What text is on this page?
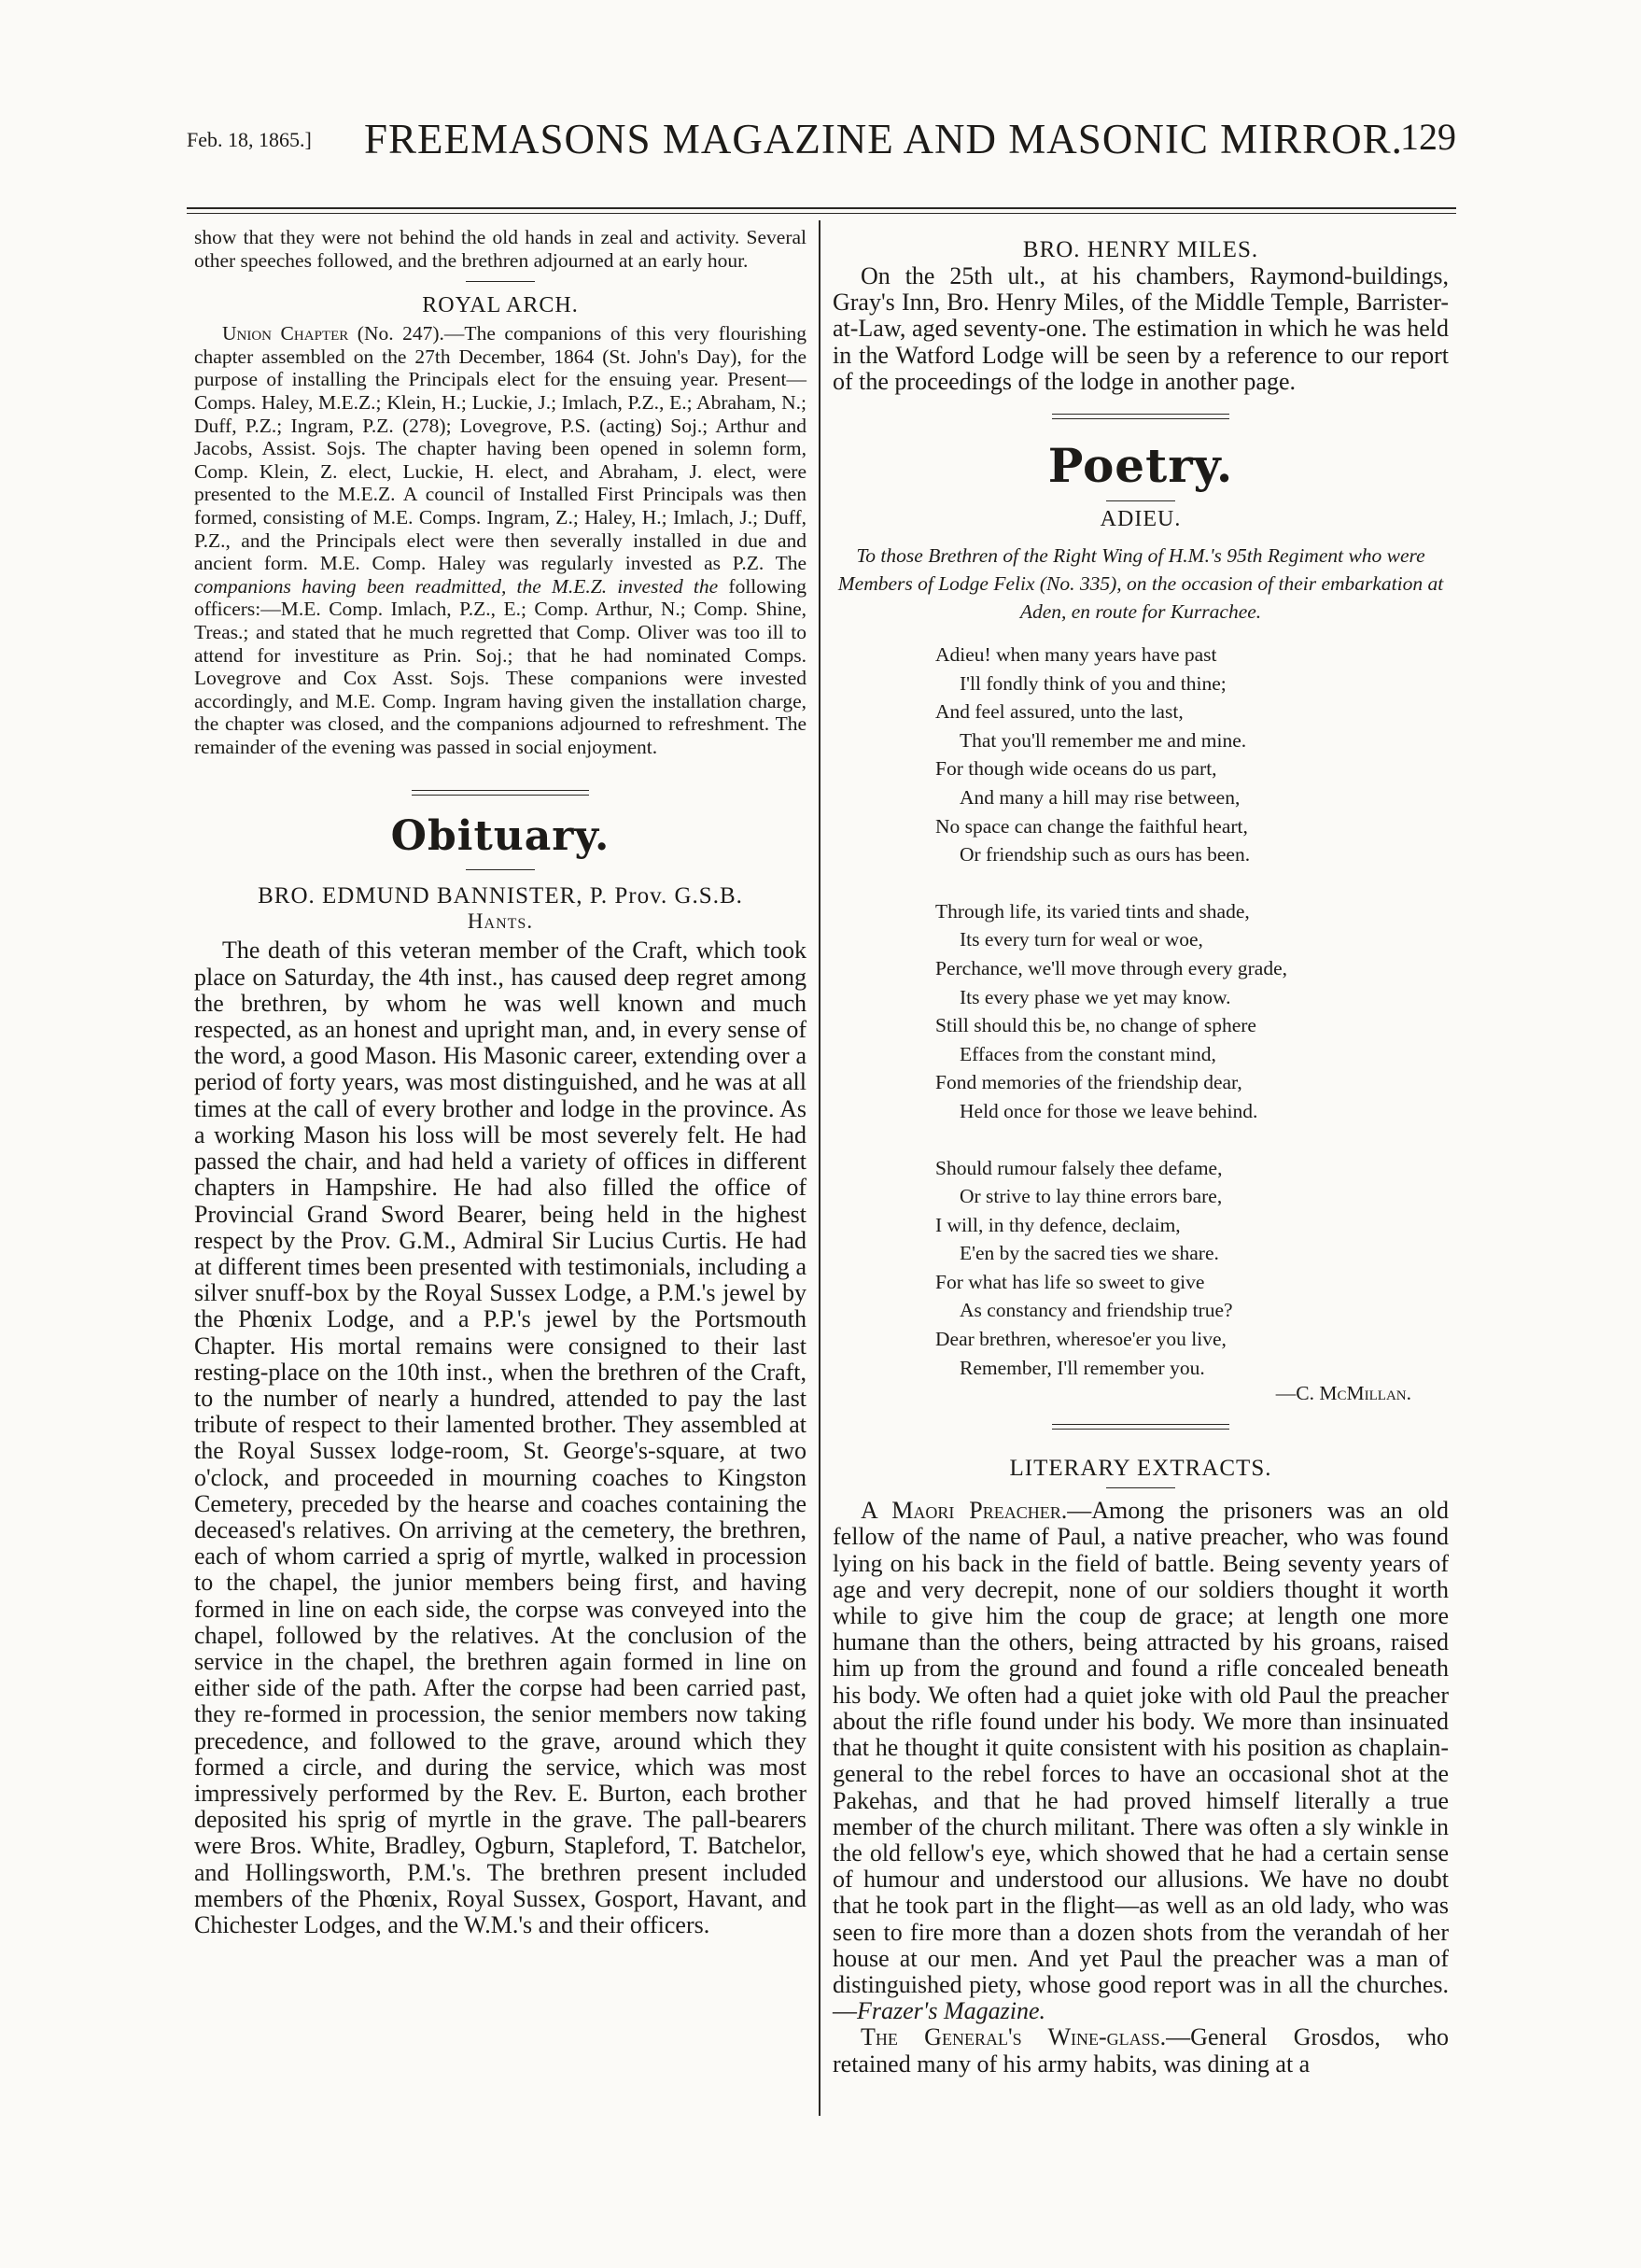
Feb. 18, 1865.] FREEMASONS MAGAZINE AND MASONIC MIRROR.
129

show that they were not behind the old hands in zeal and activity. Several other speeches followed, and the brethren adjourned at an early hour.

ROYAL ARCH.

Union Chapter (No. 247).—The companions of this very flourishing chapter assembled on the 27th December, 1864 (St. John's Day), for the purpose of installing the Principals elect for the ensuing year. Present—Comps. Haley, M.E.Z.; Klein, H.; Luckie, J.; Imlach, P.Z., E.; Abraham, N.; Duff, P.Z.; Ingram, P.Z. (278); Lovegrove, P.S. (acting) Soj.; Arthur and Jacobs, Assist. Sojs. The chapter having been opened in solemn form, Comp. Klein, Z. elect, Luckie, H. elect, and Abraham, J. elect, were presented to the M.E.Z. A council of Installed First Principals was then formed, consisting of M.E. Comps. Ingram, Z.; Haley, H.; Imlach, J.; Duff, P.Z., and the Principals elect were then severally installed in due and ancient form. M.E. Comp. Haley was regularly invested as P.Z. The companions having been readmitted, the M.E.Z. invested the following officers:—M.E. Comp. Imlach, P.Z., E.; Comp. Arthur, N.; Comp. Shine, Treas.; and stated that he much regretted that Comp. Oliver was too ill to attend for investiture as Prin. Soj.; that he had nominated Comps. Lovegrove and Cox Asst. Sojs. These companions were invested accordingly, and M.E. Comp. Ingram having given the installation charge, the chapter was closed, and the companions adjourned to refreshment. The remainder of the evening was passed in social enjoyment.

Obituary.

BRO. EDMUND BANNISTER, P. Prov. G.S.B.

Hants.

The death of this veteran member of the Craft, which took place on Saturday, the 4th inst., has caused deep regret among the brethren, by whom he was well known and much respected, as an honest and upright man, and, in every sense of the word, a good Mason. His Masonic career, extending over a period of forty years, was most distinguished, and he was at all times at the call of every brother and lodge in the province. As a working Mason his loss will be most severely felt. He had passed the chair, and had held a variety of offices in different chapters in Hampshire. He had also filled the office of Provincial Grand Sword Bearer, being held in the highest respect by the Prov. G.M., Admiral Sir Lucius Curtis. He had at different times been presented with testimonials, including a silver snuff-box by the Royal Sussex Lodge, a P.M.'s jewel by the Phœnix Lodge, and a P.P.'s jewel by the Portsmouth Chapter. His mortal remains were consigned to their last resting-place on the 10th inst., when the brethren of the Craft, to the number of nearly a hundred, attended to pay the last tribute of respect to their lamented brother. They assembled at the Royal Sussex lodge-room, St. George's-square, at two o'clock, and proceeded in mourning coaches to Kingston Cemetery, preceded by the hearse and coaches containing the deceased's relatives. On arriving at the cemetery, the brethren, each of whom carried a sprig of myrtle, walked in procession to the chapel, the junior members being first, and having formed in line on each side, the corpse was conveyed into the chapel, followed by the relatives. At the conclusion of the service in the chapel, the brethren again formed in line on either side of the path. After the corpse had been carried past, they re-formed in procession, the senior members now taking precedence, and followed to the grave, around which they formed a circle, and during the service, which was most impressively performed by the Rev. E. Burton, each brother deposited his sprig of myrtle in the grave. The pall-bearers were Bros. White, Bradley, Ogburn, Stapleford, T. Batchelor, and Hollingsworth, P.M.'s. The brethren present included members of the Phœnix, Royal Sussex, Gosport, Havant, and Chichester Lodges, and the W.M.'s and their officers.

BRO. HENRY MILES.

On the 25th ult., at his chambers, Raymond-buildings, Gray's Inn, Bro. Henry Miles, of the Middle Temple, Barrister-at-Law, aged seventy-one. The estimation in which he was held in the Watford Lodge will be seen by a reference to our report of the proceedings of the lodge in another page.

Poetry.

ADIEU.

To those Brethren of the Right Wing of H.M.'s 95th Regiment who were Members of Lodge Felix (No. 335), on the occasion of their embarkation at Aden, en route for Kurrachee.

Adieu! when many years have past
I'll fondly think of you and thine;
And feel assured, unto the last,
That you'll remember me and mine.
For though wide oceans do us part,
And many a hill may rise between,
No space can change the faithful heart,
Or friendship such as ours has been.
Through life, its varied tints and shade,
Its every turn for weal or woe,
Perchance, we'll move through every grade,
Its every phase we yet may know.
Still should this be, no change of sphere
Effaces from the constant mind,
Fond memories of the friendship dear,
Held once for those we leave behind.
Should rumour falsely thee defame,
Or strive to lay thine errors bare,
I will, in thy defence, declaim,
E'en by the sacred ties we share.
For what has life so sweet to give
As constancy and friendship true?
Dear brethren, wheresoe'er you live,
Remember, I'll remember you.

—C. McMillan.

LITERARY EXTRACTS.

A Maori Preacher.—Among the prisoners was an old fellow of the name of Paul, a native preacher, who was found lying on his back in the field of battle. Being seventy years of age and very decrepit, none of our soldiers thought it worth while to give him the coup de grace; at length one more humane than the others, being attracted by his groans, raised him up from the ground and found a rifle concealed beneath his body. We often had a quiet joke with old Paul the preacher about the rifle found under his body. We more than insinuated that he thought it quite consistent with his position as chaplain-general to the rebel forces to have an occasional shot at the Pakehas, and that he had proved himself literally a true member of the church militant. There was often a sly winkle in the old fellow's eye, which showed that he had a certain sense of humour and understood our allusions. We have no doubt that he took part in the flight—as well as an old lady, who was seen to fire more than a dozen shots from the verandah of her house at our men. And yet Paul the preacher was a man of distinguished piety, whose good report was in all the churches.—Frazer's Magazine.

The General's Wine-glass.—General Grosdos, who retained many of his army habits, was dining at a
